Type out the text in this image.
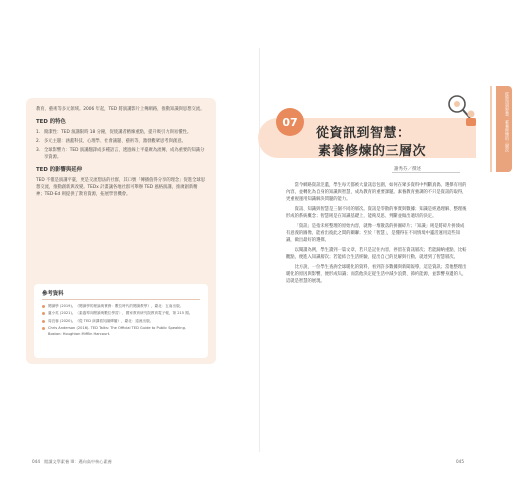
教育、藝術等多元領域。2006 年起，TED 將演講影片上傳網路，推動知識與思想交流。

TED 的特色
1. 簡潔性：TED 演講限時 18 分鐘，促使講者精煉重點，提升吸引力與易懂性。
2. 多元主題：涵蓋科技、心理學、社會議題、藝術等，激發觀眾思考與創意。
3. 全球影響力：TED 演講翻譯成多種語言，透過線上平臺廣為流傳，成為重要的知識分享資源。
TED 的影響與延伸

TED 不僅是演講平臺，更是交流想法的社群，其口號「傳播值得分享的理念」促進全球思想交流，推動創新與改變。TEDx 計畫讓各地社群可舉辦 TED 風格演講，推廣創新精神；TED-Ed 則提供了教育資源，拓展學習機會。

參考資料
閱讀學 (2019)。《閱讀學的理論與實務：數位時代的閱讀教學》，臺北：五南出版。
盧小英 (2021)。〈素養導向閱讀與數位學習〉，國家教育研究院教育電子報，第 215 期。
周宜蓉 (2020)。《從 TED 演講看知識傳播》，臺北：遠流出版。
Chris Anderson (2016). TED Talks: The Official TED Guide to Public Speaking. Boston: Houghton Mifflin Harcourt.
044 閱讀文學素養 III：邁向高中核心素養
07
從資訊到智慧：
素養修煉的三層次
謝秀芬／撰述

當今網路資訊氾濫，學生每天都被大量訊息包圍，如何在眾多資料中判斷真偽、選擇有用的內容，並轉化為自身的知識與智慧，成為教育的重要課題。素養教育強調的不只是資訊的取得，更重視運用知識解決問題的能力。

資訊、知識與智慧是三個不同的層次。資訊是零散的事實與數據；知識是經過理解、整理後形成的系統概念；智慧則是在知識基礎上，能夠反思、判斷並做出適切的決定。

「資訊」是指未經整理的原始內容，就像一堆散落的拼圖碎片；「知識」則是將碎片拼湊成有意義的圖像，能看出彼此之間的關聯；至於「智慧」，是懂得在不同情境中靈活運用這些知識，做出最好的選擇。

以閱讀為例，學生讀到一篇文章，若只是記住內容，停留在資訊層次；若能歸納重點、比較觀點，便進入知識層次；若能結合生活經驗，提出自己的見解與行動，就達到了智慧層次。

比方說，一位學生查詢全球暖化的資料，看到許多數據與新聞報導，這是資訊；當他整理出暖化的原因與影響，便形成知識；而當他決定從生活中減少浪費、節約能源，並影響身邊的人，這就是智慧的展現。

從資訊到智慧：素養修煉的三層次
045
